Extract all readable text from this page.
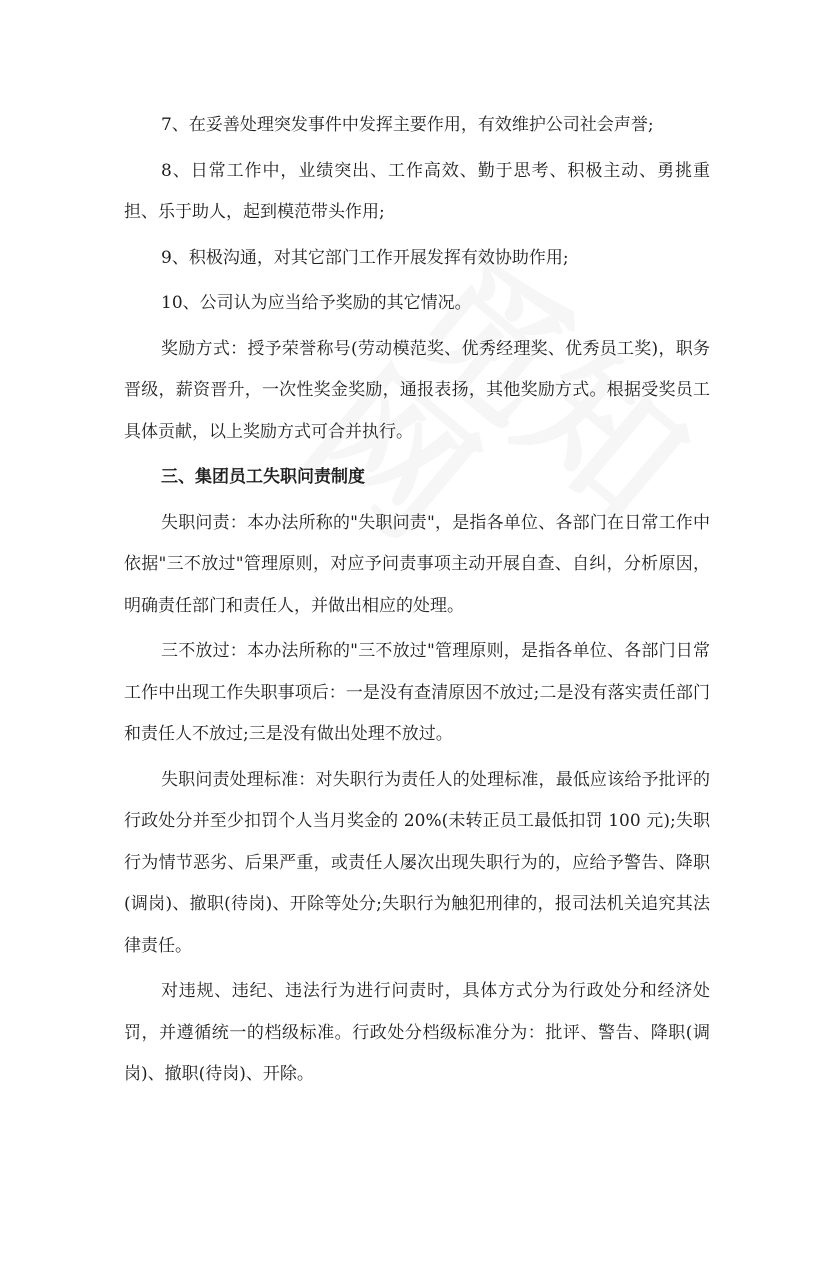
7、在妥善处理突发事件中发挥主要作用，有效维护公司社会声誉;

8、日常工作中，业绩突出、工作高效、勤于思考、积极主动、勇挑重担、乐于助人，起到模范带头作用;

9、积极沟通，对其它部门工作开展发挥有效协助作用;

10、公司认为应当给予奖励的其它情况。

奖励方式：授予荣誉称号(劳动模范奖、优秀经理奖、优秀员工奖)，职务晋级，薪资晋升，一次性奖金奖励，通报表扬，其他奖励方式。根据受奖员工具体贡献，以上奖励方式可合并执行。

三、集团员工失职问责制度

失职问责：本办法所称的"失职问责"，是指各单位、各部门在日常工作中依据"三不放过"管理原则，对应予问责事项主动开展自查、自纠，分析原因，明确责任部门和责任人，并做出相应的处理。

三不放过：本办法所称的"三不放过"管理原则，是指各单位、各部门日常工作中出现工作失职事项后：一是没有查清原因不放过;二是没有落实责任部门和责任人不放过;三是没有做出处理不放过。

失职问责处理标准：对失职行为责任人的处理标准，最低应该给予批评的行政处分并至少扣罚个人当月奖金的 20%(未转正员工最低扣罚 100 元);失职行为情节恶劣、后果严重，或责任人屡次出现失职行为的，应给予警告、降职(调岗)、撤职(待岗)、开除等处分;失职行为触犯刑律的，报司法机关追究其法律责任。

对违规、违纪、违法行为进行问责时，具体方式分为行政处分和经济处罚，并遵循统一的档级标准。行政处分档级标准分为：批评、警告、降职(调岗)、撤职(待岗)、开除。
